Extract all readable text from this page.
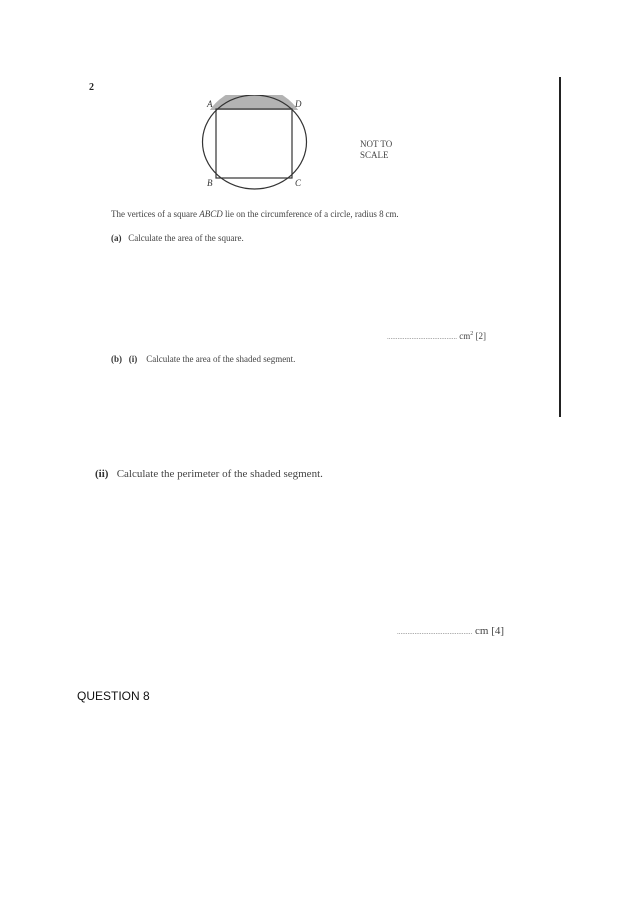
2
A	D
B	C
NOT TO
SCALE
The vertices of a square ABCD lie on the circumference of a circle, radius 8 cm.
(a) Calculate the area of the square.
........................................ $cm^2$ [2]
(b) (i) Calculate the area of the shaded segment.
(ii) Calculate the perimeter of the shaded segment.
........................................... cm [4]
QUESTION 8
